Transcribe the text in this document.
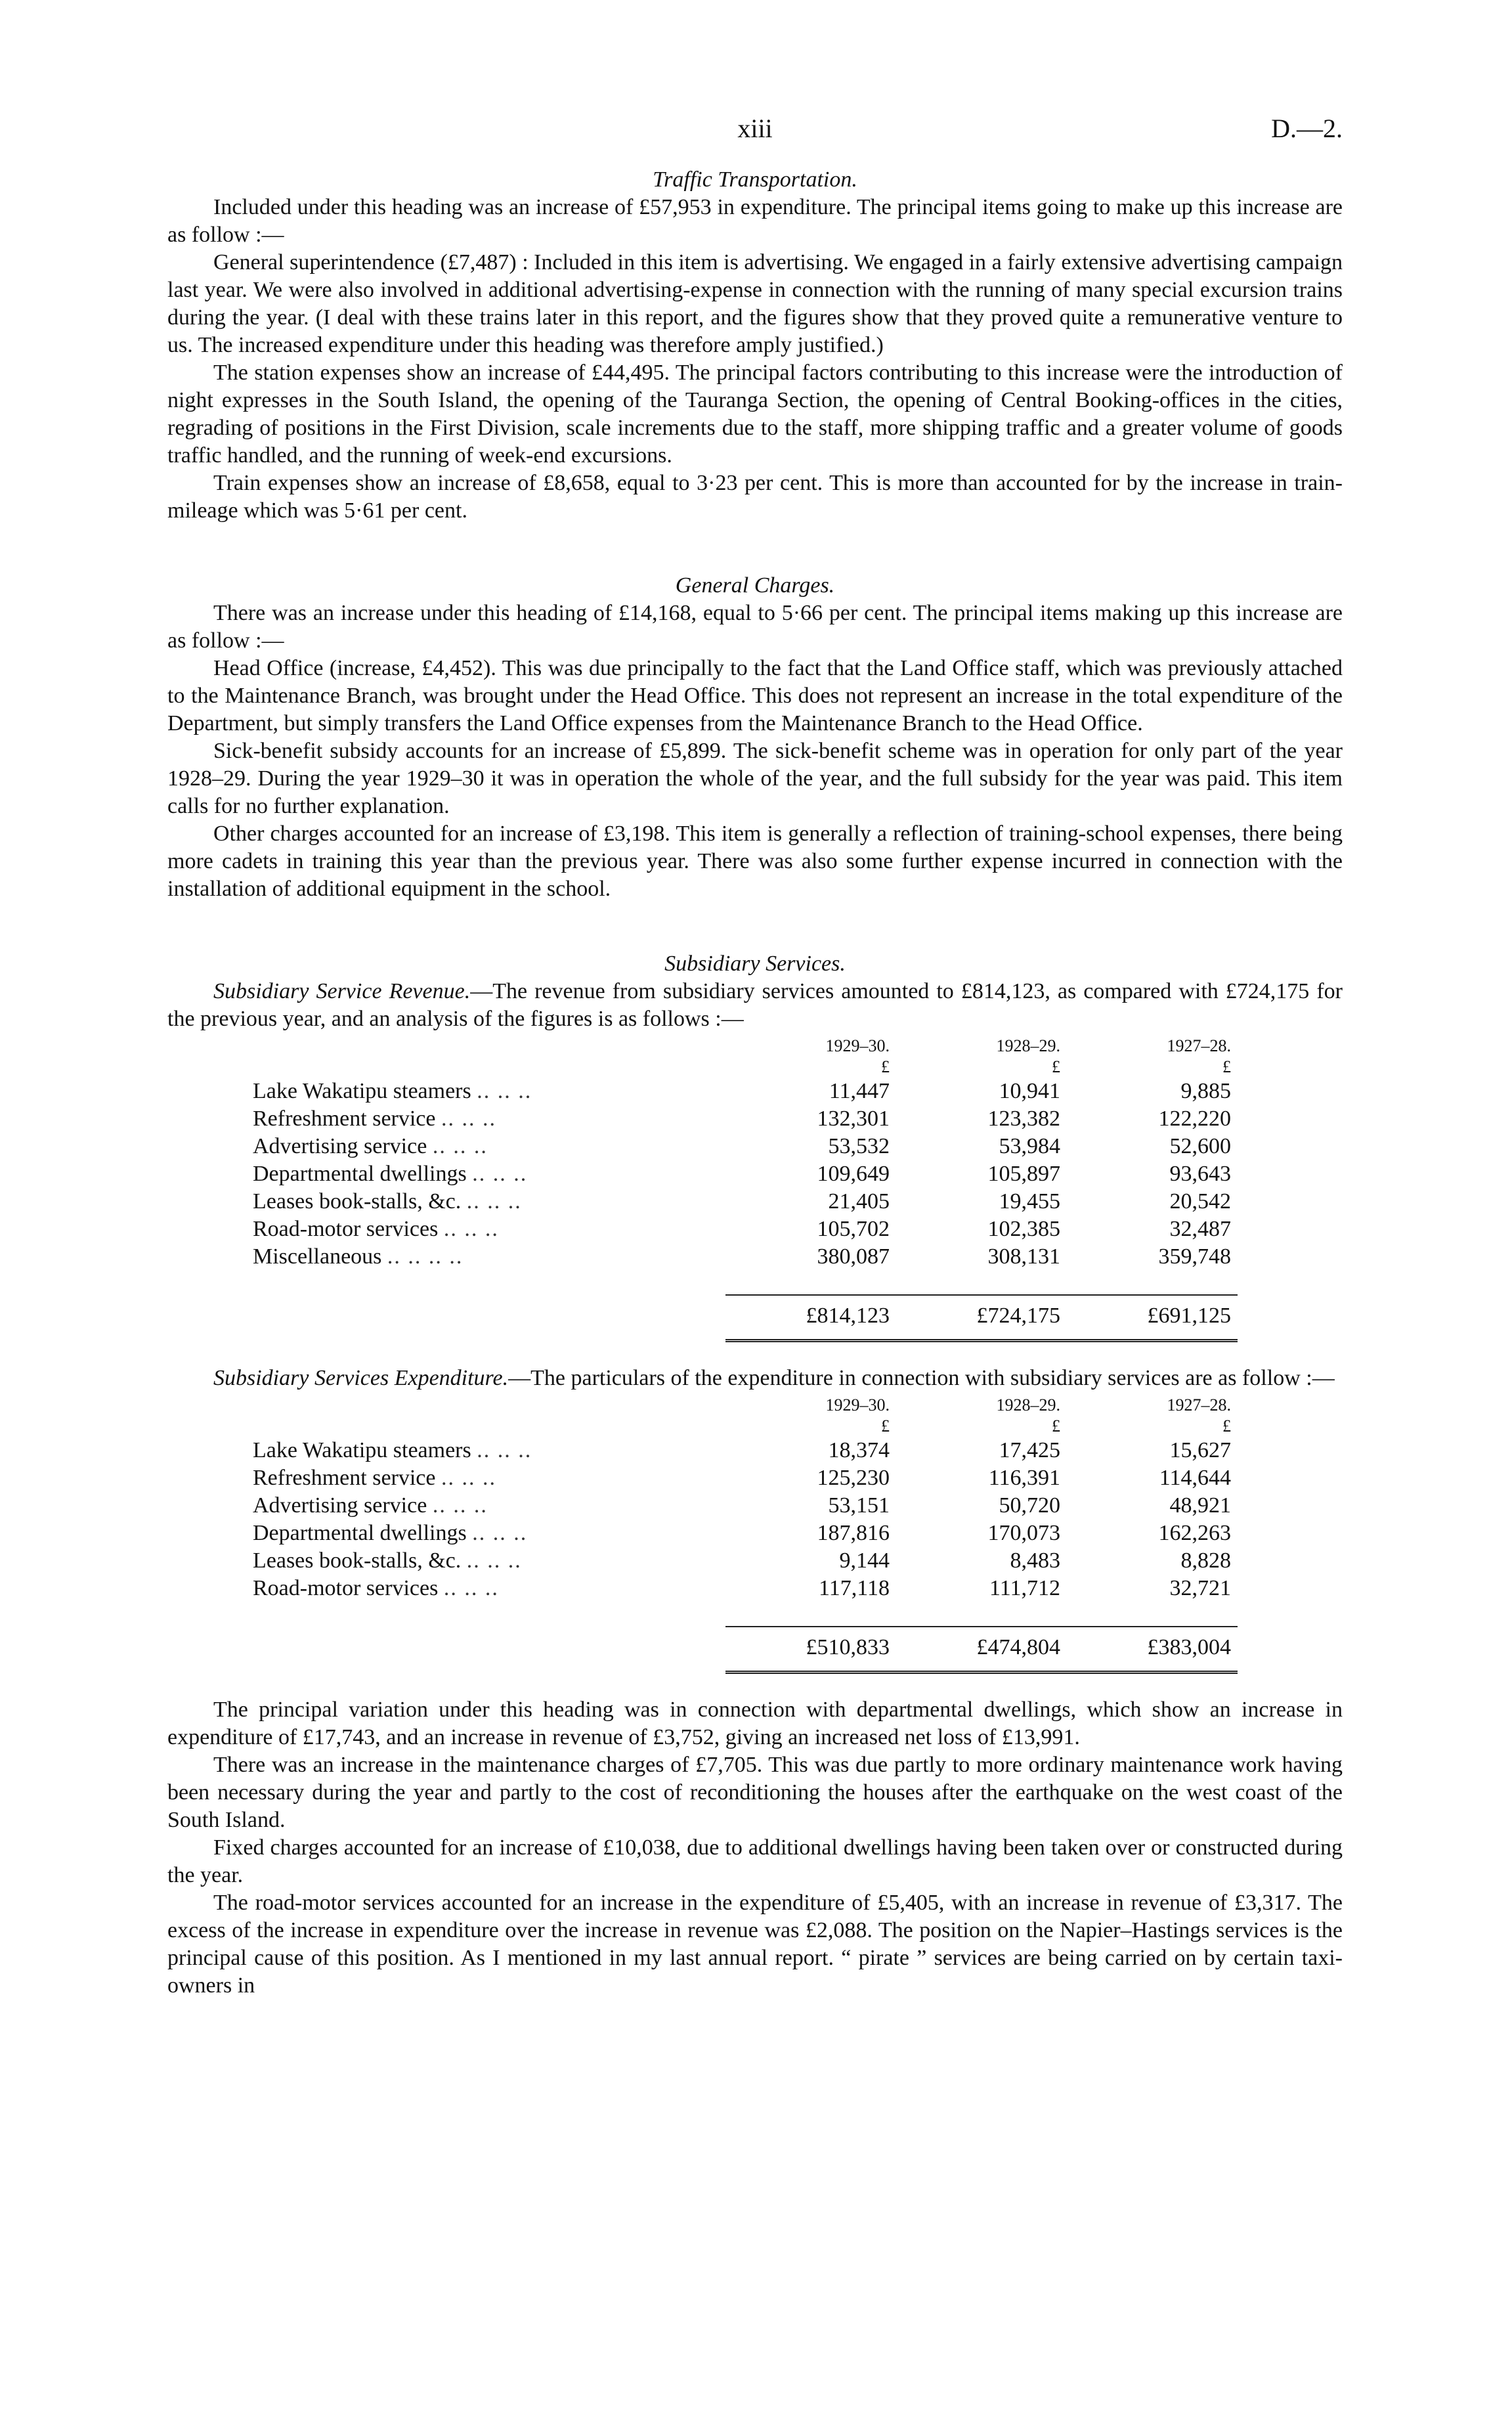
xiii	D.—2.
Traffic Transportation.

Included under this heading was an increase of £57,953 in expenditure. The principal items going to make up this increase are as follow :—

General superintendence (£7,487) : Included in this item is advertising. We engaged in a fairly extensive advertising campaign last year. We were also involved in additional advertising-expense in connection with the running of many special excursion trains during the year. (I deal with these trains later in this report, and the figures show that they proved quite a remunerative venture to us. The increased expenditure under this heading was therefore amply justified.)

The station expenses show an increase of £44,495. The principal factors contributing to this increase were the introduction of night expresses in the South Island, the opening of the Tauranga Section, the opening of Central Booking-offices in the cities, regrading of positions in the First Division, scale increments due to the staff, more shipping traffic and a greater volume of goods traffic handled, and the running of week-end excursions.

Train expenses show an increase of £8,658, equal to 3·23 per cent. This is more than accounted for by the increase in train-mileage which was 5·61 per cent.

General Charges.

There was an increase under this heading of £14,168, equal to 5·66 per cent. The principal items making up this increase are as follow :—

Head Office (increase, £4,452). This was due principally to the fact that the Land Office staff, which was previously attached to the Maintenance Branch, was brought under the Head Office. This does not represent an increase in the total expenditure of the Department, but simply transfers the Land Office expenses from the Maintenance Branch to the Head Office.

Sick-benefit subsidy accounts for an increase of £5,899. The sick-benefit scheme was in operation for only part of the year 1928–29. During the year 1929–30 it was in operation the whole of the year, and the full subsidy for the year was paid. This item calls for no further explanation.

Other charges accounted for an increase of £3,198. This item is generally a reflection of training-school expenses, there being more cadets in training this year than the previous year. There was also some further expense incurred in connection with the installation of additional equipment in the school.

Subsidiary Services.

Subsidiary Service Revenue.—The revenue from subsidiary services amounted to £814,123, as compared with £724,175 for the previous year, and an analysis of the figures is as follows :—

	1929–30.	1928–29.	1927–28.
	£	£	£
Lake Wakatipu steamers .. .. ..	11,447	10,941	9,885
Refreshment service .. .. ..	132,301	123,382	122,220
Advertising service .. .. ..	53,532	53,984	52,600
Departmental dwellings .. .. ..	109,649	105,897	93,643
Leases book-stalls, &c. .. .. ..	21,405	19,455	20,542
Road-motor services .. .. ..	105,702	102,385	32,487
Miscellaneous .. .. .. ..	380,087	308,131	359,748

	£814,123	£724,175	£691,125

Subsidiary Services Expenditure.—The particulars of the expenditure in connection with subsidiary services are as follow :—

	1929–30.	1928–29.	1927–28.
	£	£	£
Lake Wakatipu steamers .. .. ..	18,374	17,425	15,627
Refreshment service .. .. ..	125,230	116,391	114,644
Advertising service .. .. ..	53,151	50,720	48,921
Departmental dwellings .. .. ..	187,816	170,073	162,263
Leases book-stalls, &c. .. .. ..	9,144	8,483	8,828
Road-motor services .. .. ..	117,118	111,712	32,721

	£510,833	£474,804	£383,004

The principal variation under this heading was in connection with departmental dwellings, which show an increase in expenditure of £17,743, and an increase in revenue of £3,752, giving an increased net loss of £13,991.

There was an increase in the maintenance charges of £7,705. This was due partly to more ordinary maintenance work having been necessary during the year and partly to the cost of reconditioning the houses after the earthquake on the west coast of the South Island.

Fixed charges accounted for an increase of £10,038, due to additional dwellings having been taken over or constructed during the year.

The road-motor services accounted for an increase in the expenditure of £5,405, with an increase in revenue of £3,317. The excess of the increase in expenditure over the increase in revenue was £2,088. The position on the Napier–Hastings services is the principal cause of this position. As I mentioned in my last annual report. “ pirate ” services are being carried on by certain taxi-owners in
